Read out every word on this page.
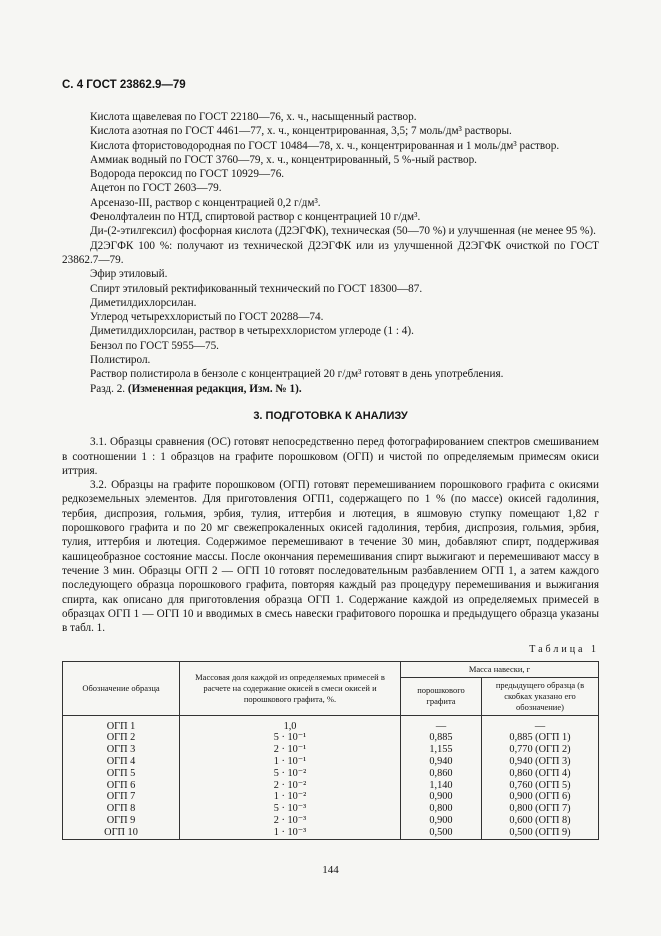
С. 4 ГОСТ 23862.9—79

Кислота щавелевая по ГОСТ 22180—76, х. ч., насыщенный раствор.

Кислота азотная по ГОСТ 4461—77, х. ч., концентрированная, 3,5; 7 моль/дм³ растворы.

Кислота фтористоводородная по ГОСТ 10484—78, х. ч., концентрированная и 1 моль/дм³ раствор.

Аммиак водный по ГОСТ 3760—79, х. ч., концентрированный, 5 %-ный раствор.

Водорода пероксид по ГОСТ 10929—76.

Ацетон по ГОСТ 2603—79.

Арсеназо-III, раствор с концентрацией 0,2 г/дм³.

Фенолфталеин по НТД, спиртовой раствор с концентрацией 10 г/дм³.

Ди-(2-этилгексил) фосфорная кислота (Д2ЭГФК), техническая (50—70 %) и улучшенная (не менее 95 %).

Д2ЭГФК 100 %: получают из технической Д2ЭГФК или из улучшенной Д2ЭГФК очисткой по ГОСТ 23862.7—79.

Эфир этиловый.

Спирт этиловый ректификованный технический по ГОСТ 18300—87.

Диметилдихлорсилан.

Углерод четыреххлористый по ГОСТ 20288—74.

Диметилдихлорсилан, раствор в четыреххлористом углероде (1 : 4).

Бензол по ГОСТ 5955—75.

Полистирол.

Раствор полистирола в бензоле с концентрацией 20 г/дм³ готовят в день употребления.

Разд. 2. (Измененная редакция, Изм. № 1).

3. ПОДГОТОВКА К АНАЛИЗУ

3.1. Образцы сравнения (ОС) готовят непосредственно перед фотографированием спектров смешиванием в соотношении 1 : 1 образцов на графите порошковом (ОГП) и чистой по определяемым примесям окиси иттрия.

3.2. Образцы на графите порошковом (ОГП) готовят перемешиванием порошкового графита с окисями редкоземельных элементов. Для приготовления ОГП1, содержащего по 1 % (по массе) окисей гадолиния, тербия, диспрозия, гольмия, эрбия, тулия, иттербия и лютеция, в яшмовую ступку помещают 1,82 г порошкового графита и по 20 мг свежепрокаленных окисей гадолиния, тербия, диспрозия, гольмия, эрбия, тулия, иттербия и лютеция. Содержимое перемешивают в течение 30 мин, добавляют спирт, поддерживая кашицеобразное состояние массы. После окончания перемешивания спирт выжигают и перемешивают массу в течение 3 мин. Образцы ОГП 2 — ОГП 10 готовят последовательным разбавлением ОГП 1, а затем каждого последующего образца порошкового графита, повторяя каждый раз процедуру перемешивания и выжигания спирта, как описано для приготовления образца ОГП 1. Содержание каждой из определяемых примесей в образцах ОГП 1 — ОГП 10 и вводимых в смесь навески графитового порошка и предыдущего образца указаны в табл. 1.

Таблица 1
Обозначение образца	Массовая доля каждой из определяемых примесей в расчете на содержание окисей в смеси окисей и порошкового графита, %.	Масса навески, г	
		порошкового графита	предыдущего образца (в скобках указано его обозначение)
ОГП 1	1,0	—	—
ОГП 2	5 · 10⁻¹	0,885	0,885 (ОГП 1)
ОГП 3	2 · 10⁻¹	1,155	0,770 (ОГП 2)
ОГП 4	1 · 10⁻¹	0,940	0,940 (ОГП 3)
ОГП 5	5 · 10⁻²	0,860	0,860 (ОГП 4)
ОГП 6	2 · 10⁻²	1,140	0,760 (ОГП 5)
ОГП 7	1 · 10⁻²	0,900	0,900 (ОГП 6)
ОГП 8	5 · 10⁻³	0,800	0,800 (ОГП 7)
ОГП 9	2 · 10⁻³	0,900	0,600 (ОГП 8)
ОГП 10	1 · 10⁻³	0,500	0,500 (ОГП 9)
144
